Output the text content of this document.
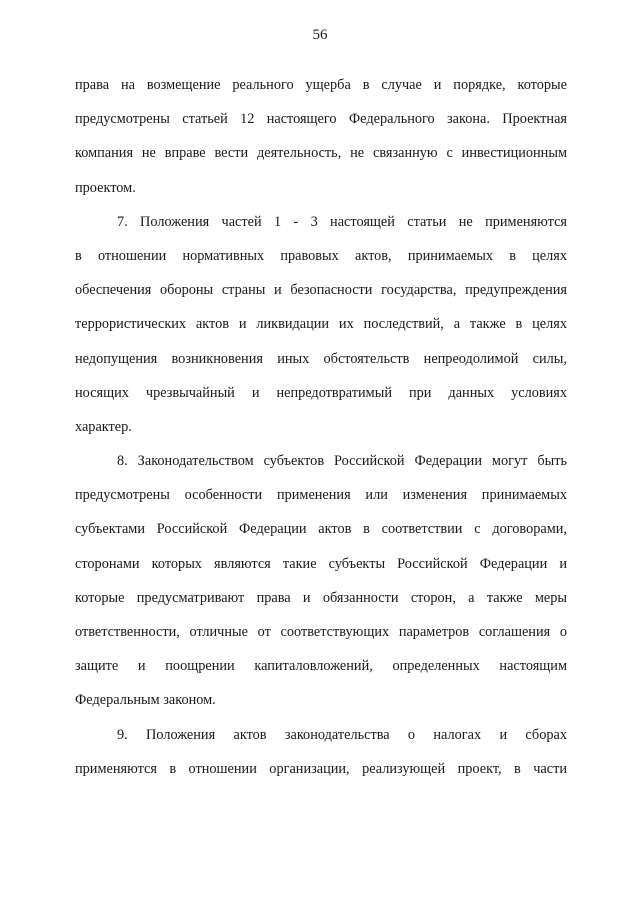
56
права на возмещение реального ущерба в случае и порядке, которые
предусмотрены статьей 12 настоящего Федерального закона. Проектная
компания не вправе вести деятельность, не связанную с инвестиционным
проектом.
7. Положения частей 1 - 3 настоящей статьи не применяются
в отношении нормативных правовых актов, принимаемых в целях
обеспечения обороны страны и безопасности государства, предупреждения
террористических актов и ликвидации их последствий, а также в целях
недопущения возникновения иных обстоятельств непреодолимой силы,
носящих чрезвычайный и непредотвратимый при данных условиях
характер.
8. Законодательством субъектов Российской Федерации могут быть
предусмотрены особенности применения или изменения принимаемых
субъектами Российской Федерации актов в соответствии с договорами,
сторонами которых являются такие субъекты Российской Федерации и
которые предусматривают права и обязанности сторон, а также меры
ответственности, отличные от соответствующих параметров соглашения о
защите и поощрении капиталовложений, определенных настоящим
Федеральным законом.
9. Положения актов законодательства о налогах и сборах
применяются в отношении организации, реализующей проект, в части
